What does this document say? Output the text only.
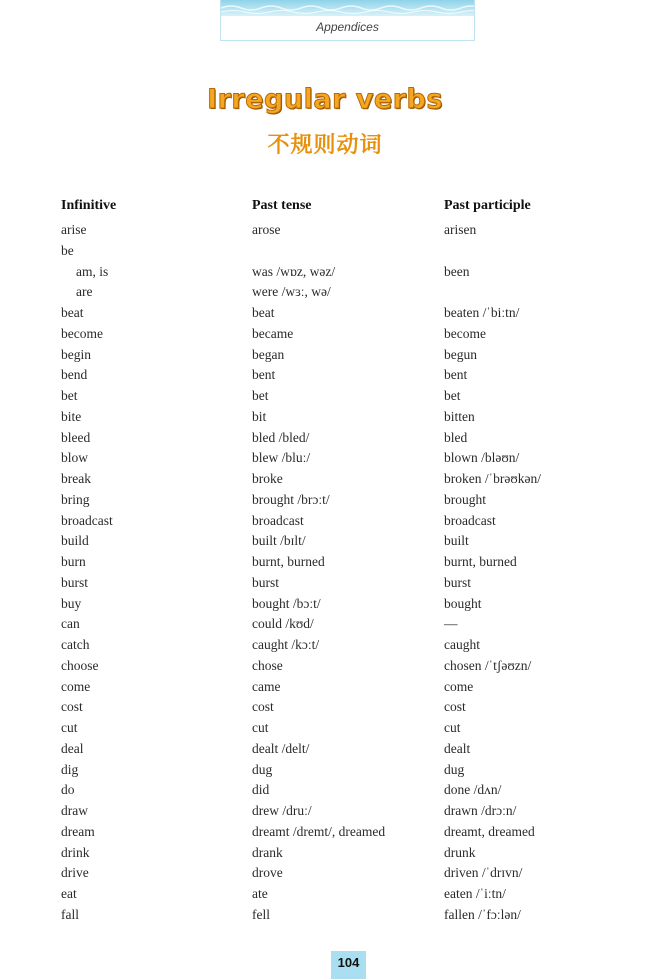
Appendices
Irregular verbs
不规则动词
Infinitive	Past tense	Past participle
arise	arose	arisen
be
am, is	was /wɒz, wəz/	been
are	were /wɜː, wə/
beat	beat	beaten /ˈbiːtn/
become	became	become
begin	began	begun
bend	bent	bent
bet	bet	bet
bite	bit	bitten
bleed	bled /bled/	bled
blow	blew /bluː/	blown /bləʊn/
break	broke	broken /ˈbrəʊkən/
bring	brought /brɔːt/	brought
broadcast	broadcast	broadcast
build	built /bɪlt/	built
burn	burnt, burned	burnt, burned
burst	burst	burst
buy	bought /bɔːt/	bought
can	could /kʊd/	—
catch	caught /kɔːt/	caught
choose	chose	chosen /ˈtʃəʊzn/
come	came	come
cost	cost	cost
cut	cut	cut
deal	dealt /delt/	dealt
dig	dug	dug
do	did	done /dʌn/
draw	drew /druː/	drawn /drɔːn/
dream	dreamt /dremt/, dreamed	dreamt, dreamed
drink	drank	drunk
drive	drove	driven /ˈdrɪvn/
eat	ate	eaten /ˈiːtn/
fall	fell	fallen /ˈfɔːlən/
104
